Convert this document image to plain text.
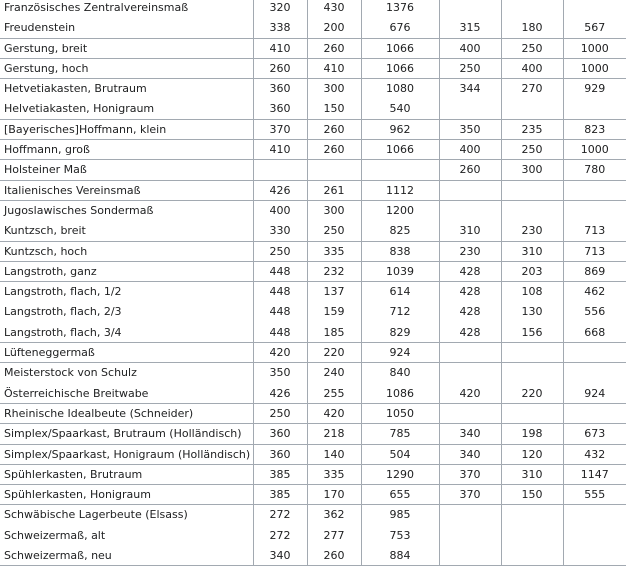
Französisches Zentralvereinsmaß	320	430	1376			
Freudenstein	338	200	676	315	180	567
Gerstung, breit	410	260	1066	400	250	1000
Gerstung, hoch	260	410	1066	250	400	1000
Hetvetiakasten, Brutraum	360	300	1080	344	270	929
Helvetiakasten, Honigraum	360	150	540			
[Bayerisches]Hoffmann, klein	370	260	962	350	235	823
Hoffmann, groß	410	260	1066	400	250	1000
Holsteiner Maß				260	300	780
Italienisches Vereinsmaß	426	261	1112			
Jugoslawisches Sondermaß	400	300	1200			
Kuntzsch, breit	330	250	825	310	230	713
Kuntzsch, hoch	250	335	838	230	310	713
Langstroth, ganz	448	232	1039	428	203	869
Langstroth, flach, 1/2	448	137	614	428	108	462
Langstroth, flach, 2/3	448	159	712	428	130	556
Langstroth, flach, 3/4	448	185	829	428	156	668
Lüfteneggermaß	420	220	924			
Meisterstock von Schulz	350	240	840			
Österreichische Breitwabe	426	255	1086	420	220	924
Rheinische Idealbeute (Schneider)	250	420	1050			
Simplex/Spaarkast, Brutraum (Holländisch)	360	218	785	340	198	673
Simplex/Spaarkast, Honigraum (Holländisch)	360	140	504	340	120	432
Spühlerkasten, Brutraum	385	335	1290	370	310	1147
Spühlerkasten, Honigraum	385	170	655	370	150	555
Schwäbische Lagerbeute (Elsass)	272	362	985			
Schweizermaß, alt	272	277	753			
Schweizermaß, neu	340	260	884			
